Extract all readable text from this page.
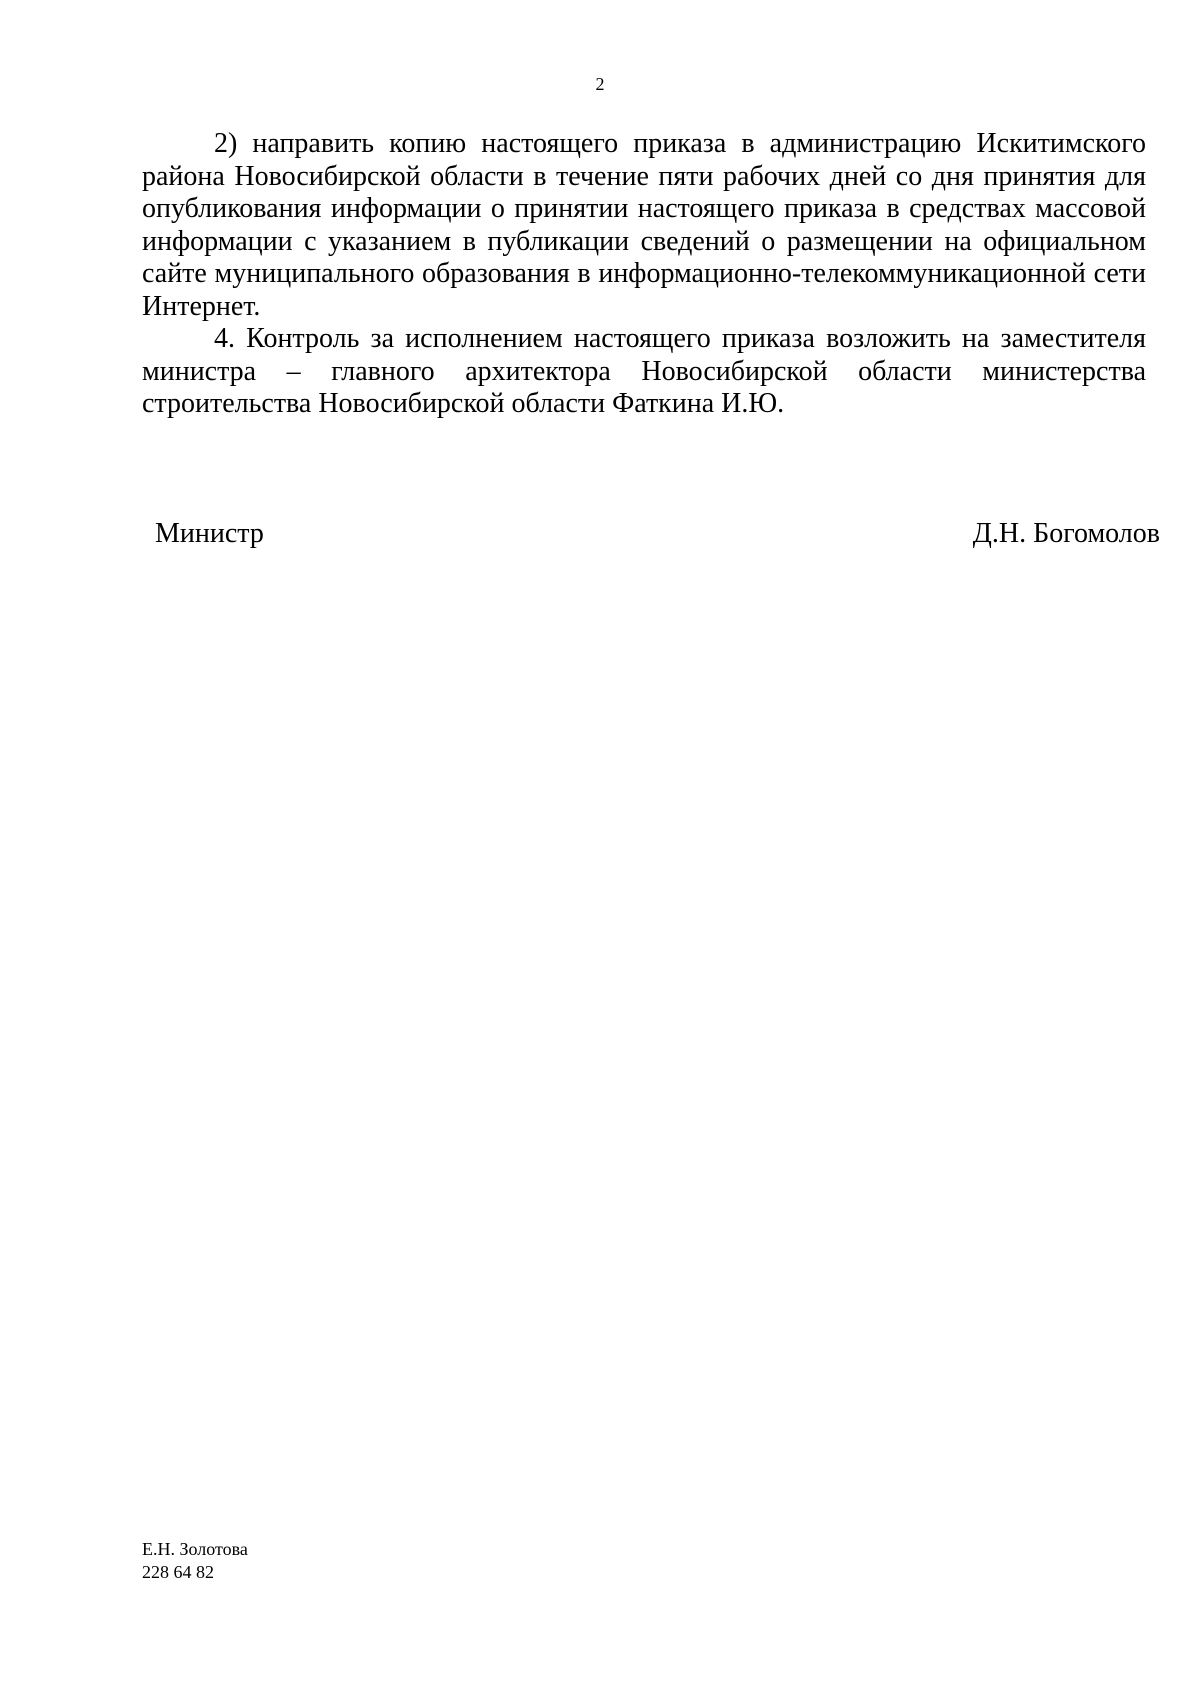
2

2) направить копию настоящего приказа в администрацию Искитимского района Новосибирской области в течение пяти рабочих дней со дня принятия для опубликования информации о принятии настоящего приказа в средствах массовой информации с указанием в публикации сведений о размещении на официальном сайте муниципального образования в информационно-телекоммуникационной сети Интернет.

4. Контроль за исполнением настоящего приказа возложить на заместителя министра – главного архитектора Новосибирской области министерства строительства Новосибирской области Фаткина И.Ю.

Министр	Д.Н. Богомолов
Е.Н. Золотова
228 64 82
